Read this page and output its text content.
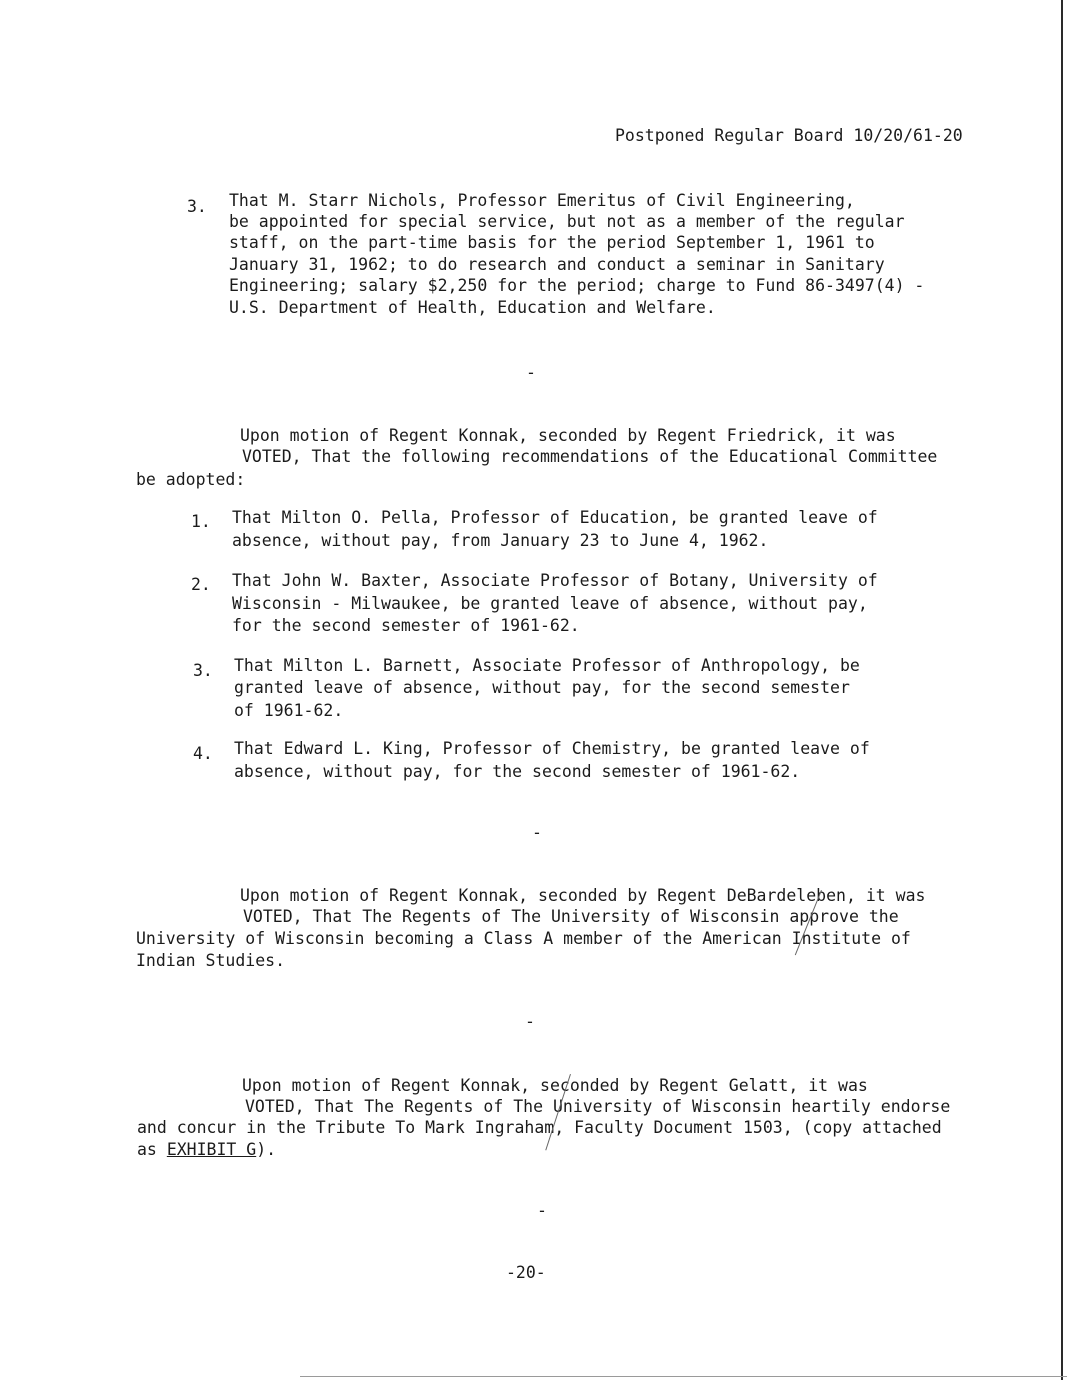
Postponed Regular Board 10/20/61-20
3. That M. Starr Nichols, Professor Emeritus of Civil Engineering,
be appointed for special service, but not as a member of the regular
staff, on the part-time basis for the period September 1, 1961 to
January 31, 1962; to do research and conduct a seminar in Sanitary
Engineering; salary $2,250 for the period; charge to Fund 86-3497(4) -
U.S. Department of Health, Education and Welfare.
-
Upon motion of Regent Konnak, seconded by Regent Friedrick, it was
VOTED, That the following recommendations of the Educational Committee
be adopted:
1. That Milton O. Pella, Professor of Education, be granted leave of
absence, without pay, from January 23 to June 4, 1962.
2. That John W. Baxter, Associate Professor of Botany, University of
Wisconsin - Milwaukee, be granted leave of absence, without pay,
for the second semester of 1961-62.
3. That Milton L. Barnett, Associate Professor of Anthropology, be
granted leave of absence, without pay, for the second semester
of 1961-62.
4. That Edward L. King, Professor of Chemistry, be granted leave of
absence, without pay, for the second semester of 1961-62.
-
Upon motion of Regent Konnak, seconded by Regent DeBardeleben, it was
VOTED, That The Regents of The University of Wisconsin approve the
University of Wisconsin becoming a Class A member of the American Institute of
Indian Studies.
-
Upon motion of Regent Konnak, seconded by Regent Gelatt, it was
VOTED, That The Regents of The University of Wisconsin heartily endorse
and concur in the Tribute To Mark Ingraham, Faculty Document 1503, (copy attached
as EXHIBIT G).
-
-20-
